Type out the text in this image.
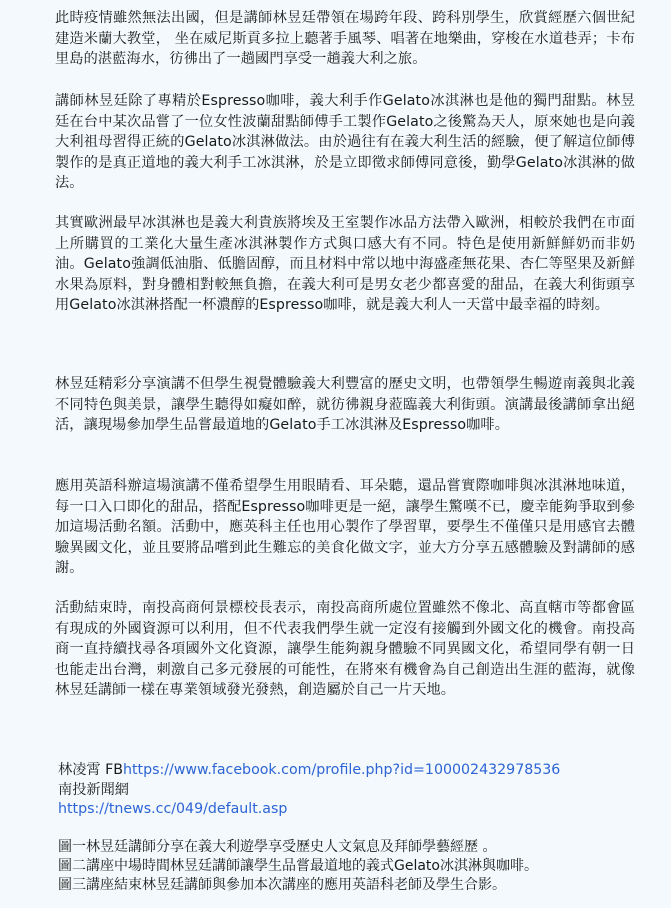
此時疫情雖然無法出國，但是講師林昱廷帶領在場跨年段、跨科別學生，欣賞經歷六個世紀建造米蘭大教堂， 坐在威尼斯貢多拉上聽著手風琴、唱著在地樂曲，穿梭在水道巷弄；卡布里島的湛藍海水，彷彿出了一趟國門享受一趟義大利之旅。

講師林昱廷除了專精於Espresso咖啡，義大利手作Gelato冰淇淋也是他的獨門甜點。林昱廷在台中某次品嘗了一位女性波蘭甜點師傅手工製作Gelato之後驚為天人，原來她也是向義大利祖母習得正統的Gelato冰淇淋做法。由於過往有在義大利生活的經驗，便了解這位師傅製作的是真正道地的義大利手工冰淇淋，於是立即徵求師傅同意後，勤學Gelato冰淇淋的做法。

其實歐洲最早冰淇淋也是義大利貴族將埃及王室製作冰品方法帶入歐洲，相較於我們在市面上所購買的工業化大量生產冰淇淋製作方式與口感大有不同。特色是使用新鮮鮮奶而非奶油。Gelato強調低油脂、低膽固醇，而且材料中常以地中海盛產無花果、杏仁等堅果及新鮮水果為原料，對身體相對較無負擔，在義大利可是男女老少都喜愛的甜品，在義大利街頭享用Gelato冰淇淋搭配一杯濃醇的Espresso咖啡，就是義大利人一天當中最幸福的時刻。

林昱廷精彩分享演講不但學生視覺體驗義大利豐富的歷史文明，也帶領學生暢遊南義與北義不同特色與美景，讓學生聽得如癡如醉，就彷彿親身蒞臨義大利街頭。演講最後講師拿出絕活，讓現場參加學生品嘗最道地的Gelato手工冰淇淋及Espresso咖啡。

應用英語科辦這場演講不僅希望學生用眼睛看、耳朵聽，還品嘗實際咖啡與冰淇淋地味道，每一口入口即化的甜品，搭配Espresso咖啡更是一絕，讓學生驚嘆不已，慶幸能夠爭取到參加這場活動名額。活動中，應英科主任也用心製作了學習單，要學生不僅僅只是用感官去體驗異國文化，並且要將品嚐到此生難忘的美食化做文字，並大方分享五感體驗及對講師的感謝。

活動結束時，南投高商何景標校長表示，南投高商所處位置雖然不像北、高直轄市等都會區有現成的外國資源可以利用，但不代表我們學生就一定沒有接觸到外國文化的機會。南投高商一直持續找尋各項國外文化資源，讓學生能夠親身體驗不同異國文化，希望同學有朝一日也能走出台灣，刺激自己多元發展的可能性，在將來有機會為自己創造出生涯的藍海，就像林昱廷講師一樣在專業領域發光發熱，創造屬於自己一片天地。

林凌霄 FBhttps://www.facebook.com/profile.php?id=100002432978536
南投新聞網
https://tnews.cc/049/default.asp
圖一林昱廷講師分享在義大利遊學享受歷史人文氣息及拜師學藝經歷 。
圖二講座中場時間林昱廷講師讓學生品嘗最道地的義式Gelato冰淇淋與咖啡。
圖三講座結束林昱廷講師與參加本次講座的應用英語科老師及學生合影。
